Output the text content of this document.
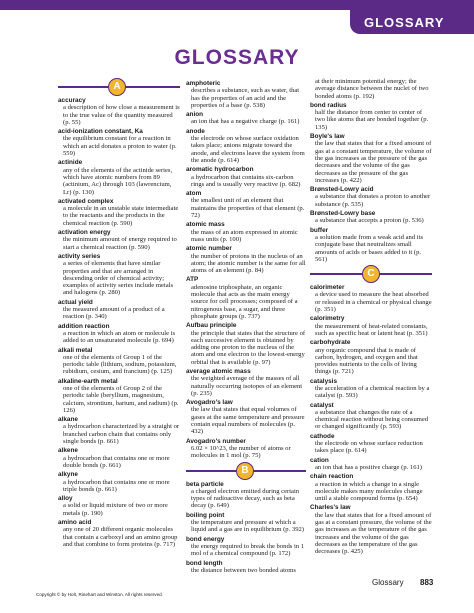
GLOSSARY
GLOSSARY
A
accuracy
a description of how close a measurement is to the true value of the quantity measured (p. 55)
acid-ionization constant, Ka
the equilibrium constant for a reaction in which an acid donates a proton to water (p. 559)
actinide
any of the elements of the actinide series, which have atomic numbers from 89 (actinium, Ac) through 103 (lawrencium, Lr) (p. 130)
activated complex
a molecule in an unstable state intermediate to the reactants and the products in the chemical reaction (p. 590)
activation energy
the minimum amount of energy required to start a chemical reaction (p. 590)
activity series
a series of elements that have similar properties and that are arranged in descending order of chemical activity; examples of activity series include metals and halogens (p. 280)
actual yield
the measured amount of a product of a reaction (p. 340)
addition reaction
a reaction in which an atom or molecule is added to an unsaturated molecule (p. 694)
alkali metal
one of the elements of Group 1 of the periodic table (lithium, sodium, potassium, rubidium, cesium, and francium) (p. 125)
alkaline-earth metal
one of the elements of Group 2 of the periodic table (beryllium, magnesium, calcium, strontium, barium, and radium) (p. 126)
alkane
a hydrocarbon characterized by a straight or branched carbon chain that contains only single bonds (p. 661)
alkene
a hydrocarbon that contains one or more double bonds (p. 661)
alkyne
a hydrocarbon that contains one or more triple bonds (p. 661)
alloy
a solid or liquid mixture of two or more metals (p. 190)
amino acid
any one of 20 different organic molecules that contain a carboxyl and an amino group and that combine to form proteins (p. 717)
amphoteric
describes a substance, such as water, that has the properties of an acid and the properties of a base (p. 538)
anion
an ion that has a negative charge (p. 161)
anode
the electrode on whose surface oxidation takes place; anions migrate toward the anode, and electrons leave the system from the anode (p. 614)
aromatic hydrocarbon
a hydrocarbon that contains six-carbon rings and is usually very reactive (p. 682)
atom
the smallest unit of an element that maintains the properties of that element (p. 72)
atomic mass
the mass of an atom expressed in atomic mass units (p. 100)
atomic number
the number of protons in the nucleus of an atom; the atomic number is the same for all atoms of an element (p. 84)
ATP
adenosine triphosphate, an organic molecule that acts as the main energy source for cell processes; composed of a nitrogenous base, a sugar, and three phosphate groups (p. 737)
Aufbau principle
the principle that states that the structure of each successive element is obtained by adding one proton to the nucleus of the atom and one electron to the lowest-energy orbital that is available (p. 97)
average atomic mass
the weighted average of the masses of all naturally occurring isotopes of an element (p. 235)
Avogadro's law
the law that states that equal volumes of gases at the same temperature and pressure contain equal numbers of molecules (p. 432)
Avogadro's number
6.02 × 10^23, the number of atoms or molecules in 1 mol (p. 75)
B
beta particle
a charged electron emitted during certain types of radioactive decay, such as beta decay (p. 649)
boiling point
the temperature and pressure at which a liquid and a gas are in equilibrium (p. 392)
bond energy
the energy required to break the bonds in 1 mol of a chemical compound (p. 172)
bond length
the distance between two bonded atoms
at their minimum potential energy; the average distance between the nuclei of two bonded atoms (p. 192)
bond radius
half the distance from center to center of two like atoms that are bonded together (p. 135)
Boyle's law
the law that states that for a fixed amount of gas at a constant temperature, the volume of the gas increases as the pressure of the gas decreases and the volume of the gas decreases as the pressure of the gas increases (p. 422)
Brønsted-Lowry acid
a substance that donates a proton to another substance (p. 535)
Brønsted-Lowry base
a substance that accepts a proton (p. 536)
buffer
a solution made from a weak acid and its conjugate base that neutralizes small amounts of acids or bases added to it (p. 561)
C
calorimeter
a device used to measure the heat absorbed or released in a chemical or physical change (p. 351)
calorimetry
the measurement of heat-related constants, such as specific heat or latent heat (p. 351)
carbohydrate
any organic compound that is made of carbon, hydrogen, and oxygen and that provides nutrients to the cells of living things (p. 721)
catalysis
the acceleration of a chemical reaction by a catalyst (p. 593)
catalyst
a substance that changes the rate of a chemical reaction without being consumed or changed significantly (p. 593)
cathode
the electrode on whose surface reduction takes place (p. 614)
cation
an ion that has a positive charge (p. 161)
chain reaction
a reaction in which a change in a single molecule makes many molecules change until a stable compound forms (p. 654)
Charles's law
the law that states that for a fixed amount of gas at a constant pressure, the volume of the gas increases as the temperature of the gas increases and the volume of the gas decreases as the temperature of the gas decreases (p. 425)
Glossary 883
Copyright © by Holt, Rinehart and Winston. All rights reserved.
